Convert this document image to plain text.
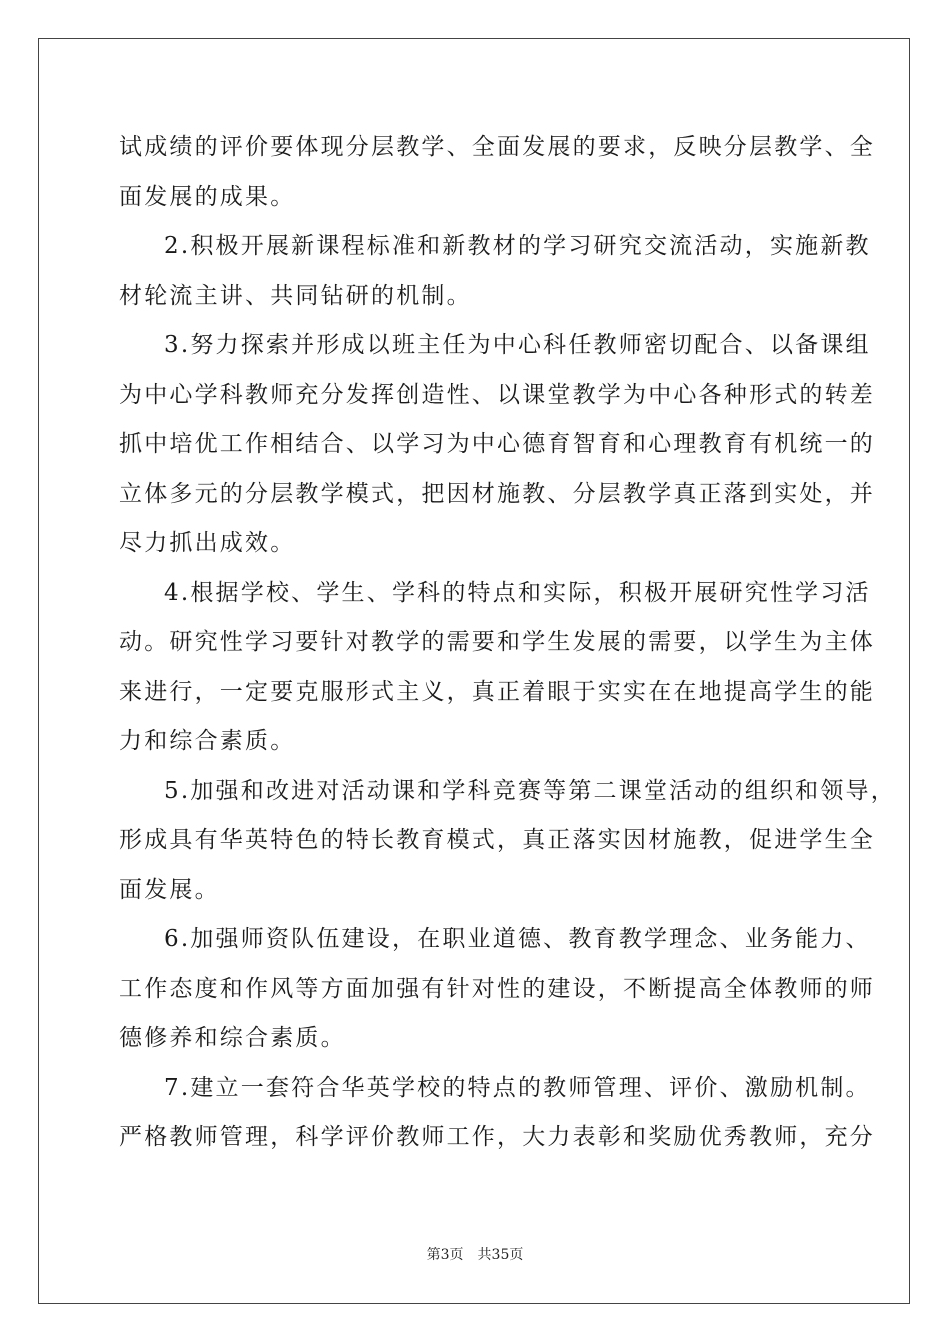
试成绩的评价要体现分层教学、全面发展的要求，反映分层教学、全
面发展的成果。
2.积极开展新课程标准和新教材的学习研究交流活动，实施新教
材轮流主讲、共同钻研的机制。
3.努力探索并形成以班主任为中心科任教师密切配合、以备课组
为中心学科教师充分发挥创造性、以课堂教学为中心各种形式的转差
抓中培优工作相结合、以学习为中心德育智育和心理教育有机统一的
立体多元的分层教学模式，把因材施教、分层教学真正落到实处，并
尽力抓出成效。
4.根据学校、学生、学科的特点和实际，积极开展研究性学习活
动。研究性学习要针对教学的需要和学生发展的需要，以学生为主体
来进行，一定要克服形式主义，真正着眼于实实在在地提高学生的能
力和综合素质。
5.加强和改进对活动课和学科竞赛等第二课堂活动的组织和领导，
形成具有华英特色的特长教育模式，真正落实因材施教，促进学生全
面发展。
6.加强师资队伍建设，在职业道德、教育教学理念、业务能力、
工作态度和作风等方面加强有针对性的建设，不断提高全体教师的师
德修养和综合素质。
7.建立一套符合华英学校的特点的教师管理、评价、激励机制。
严格教师管理，科学评价教师工作，大力表彰和奖励优秀教师，充分
第3页 共35页
